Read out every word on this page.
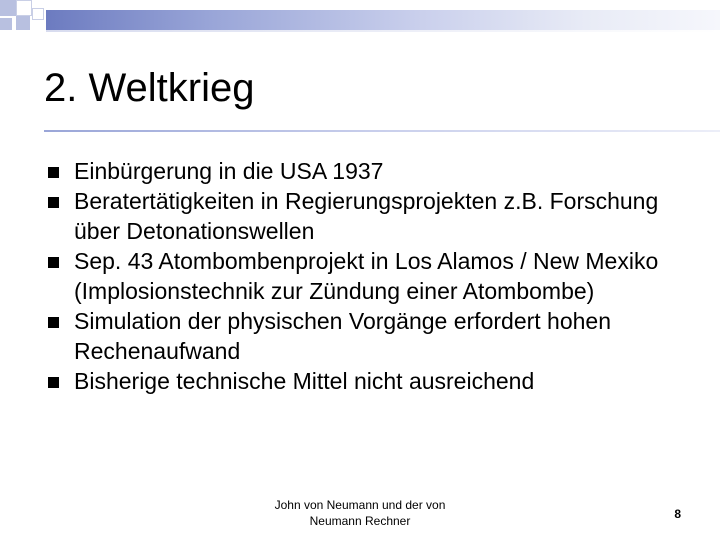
2. Weltkrieg
Einbürgerung in die USA 1937
Beratertätigkeiten in Regierungsprojekten z.B. Forschung über Detonationswellen
Sep. 43 Atombombenprojekt in Los Alamos / New Mexiko (Implosionstechnik zur Zündung einer Atombombe)
Simulation der physischen Vorgänge erfordert hohen Rechenaufwand
Bisherige technische Mittel nicht ausreichend
John von Neumann und der von
Neumann Rechner	8
